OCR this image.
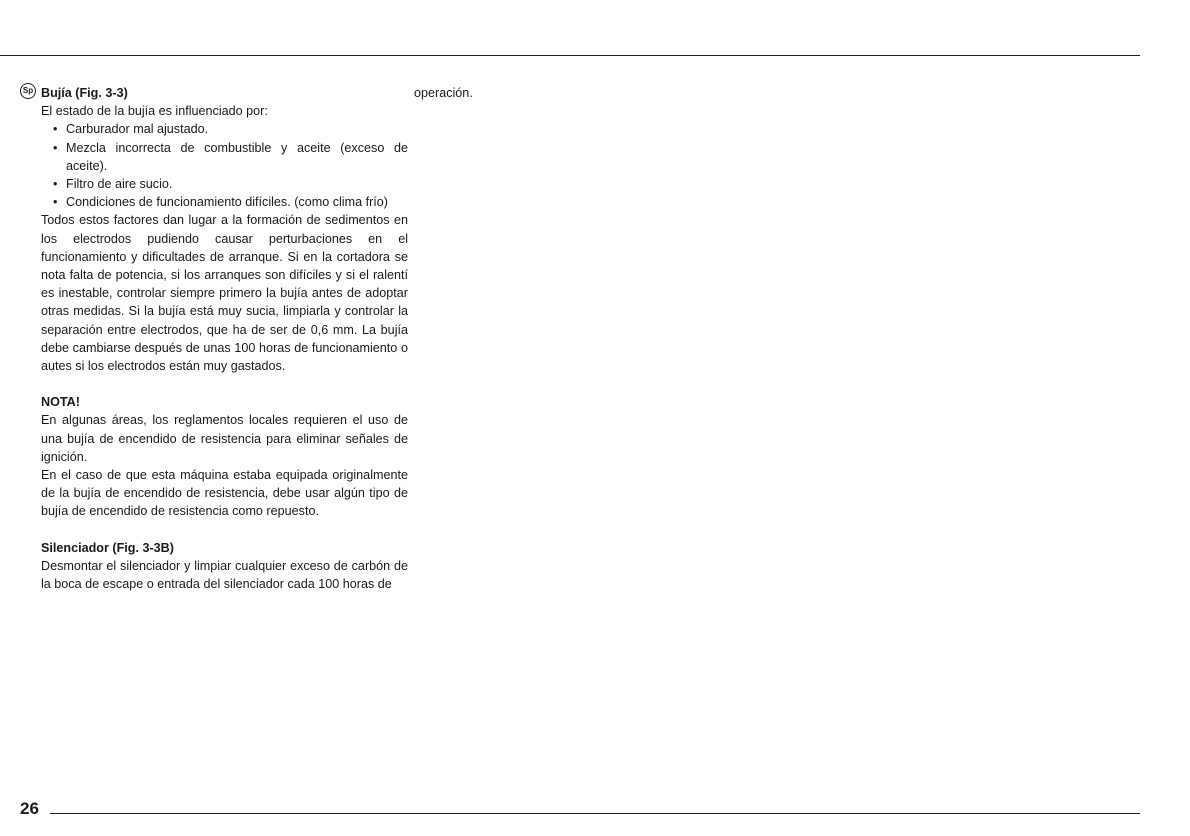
Sp Bujía (Fig. 3-3)

El estado de la bujía es influenciado por:

• Carburador mal ajustado.
• Mezcla incorrecta de combustible y aceite (exceso de aceite).
• Filtro de aire sucio.
• Condiciones de funcionamiento difíciles. (como clima frío)

Todos estos factores dan lugar a la formación de sedimentos en los electrodos pudiendo causar perturbaciones en el funcionamiento y dificultades de arranque. Si en la cortadora se nota falta de potencia, si los arranques son difíciles y si el ralentí es inestable, controlar siempre primero la bujía antes de adoptar otras medidas. Si la bujía está muy sucia, limpiarla y controlar la separación entre electrodos, que ha de ser de 0,6 mm. La bujía debe cambiarse después de unas 100 horas de funcionamiento o autes si los electrodos están muy gastados.

NOTA!

En algunas áreas, los reglamentos locales requieren el uso de una bujía de encendido de resistencia para eliminar señales de ignición.

En el caso de que esta máquina estaba equipada originalmente de la bujía de encendido de resistencia, debe usar algún tipo de bujía de encendido de resistencia como repuesto.

Silenciador (Fig. 3-3B)

Desmontar el silenciador y limpiar cualquier exceso de carbón de la boca de escape o entrada del silenciador cada 100 horas de

operación.

26
